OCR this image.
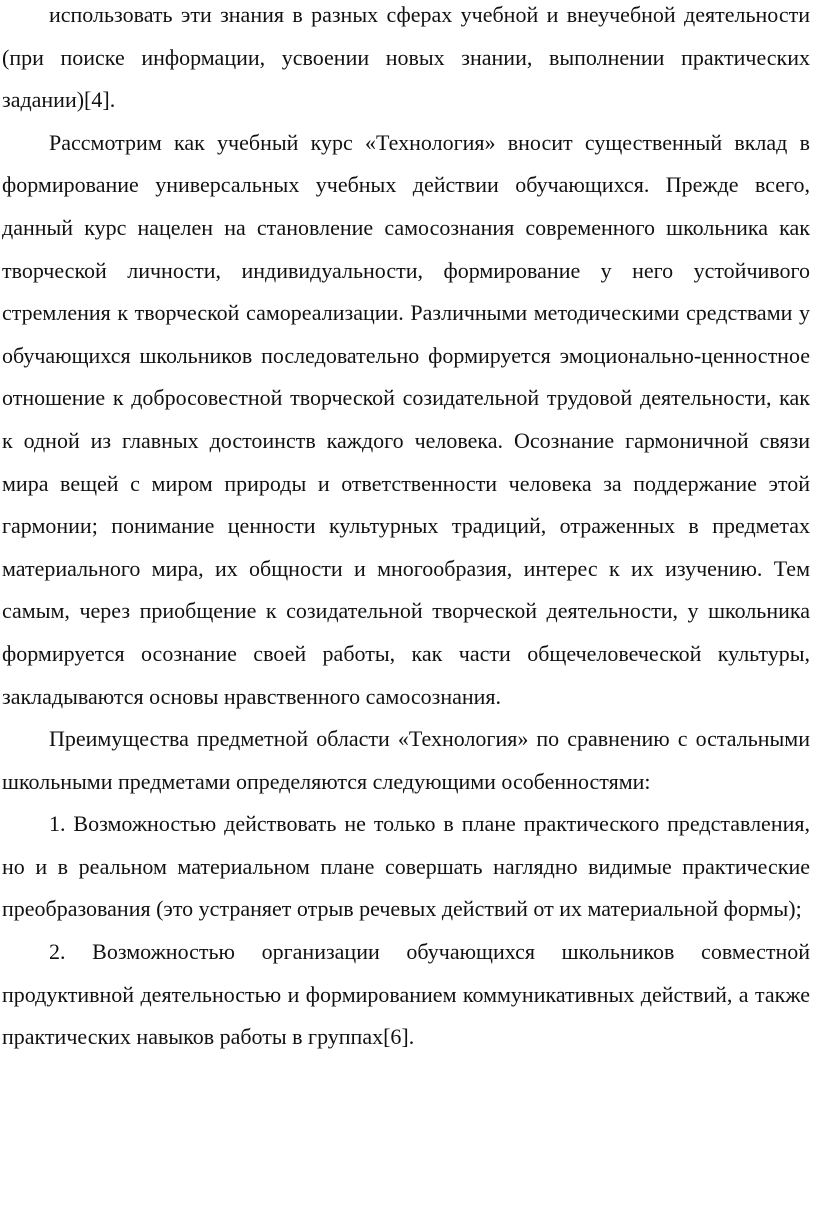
использовать эти знания в разных сферах учебной и внеучебной деятельности (при поиске информации, усвоении новых знании, выполнении практических задании)[4].

Рассмотрим как учебный курс «Технология» вносит существенный вклад в формирование универсальных учебных действии обучающихся. Прежде всего, данный курс нацелен на становление самосознания современного школьника как творческой личности, индивидуальности, формирование у него устойчивого стремления к творческой самореализации. Различными методическими средствами у обучающихся школьников последовательно формируется эмоционально-ценностное отношение к добросовестной творческой созидательной трудовой деятельности, как к одной из главных достоинств каждого человека. Осознание гармоничной связи мира вещей с миром природы и ответственности человека за поддержание этой гармонии; понимание ценности культурных традиций, отраженных в предметах материального мира, их общности и многообразия, интерес к их изучению. Тем самым, через приобщение к созидательной творческой деятельности, у школьника формируется осознание своей работы, как части общечеловеческой культуры, закладываются основы нравственного самосознания.

Преимущества предметной области «Технология» по сравнению с остальными школьными предметами определяются следующими особенностями:

1. Возможностью действовать не только в плане практического представления, но и в реальном материальном плане совершать наглядно видимые практические преобразования (это устраняет отрыв речевых действий от их материальной формы);

2. Возможностью организации обучающихся школьников совместной продуктивной деятельностью и формированием коммуникативных действий, а также практических навыков работы в группах[6].
